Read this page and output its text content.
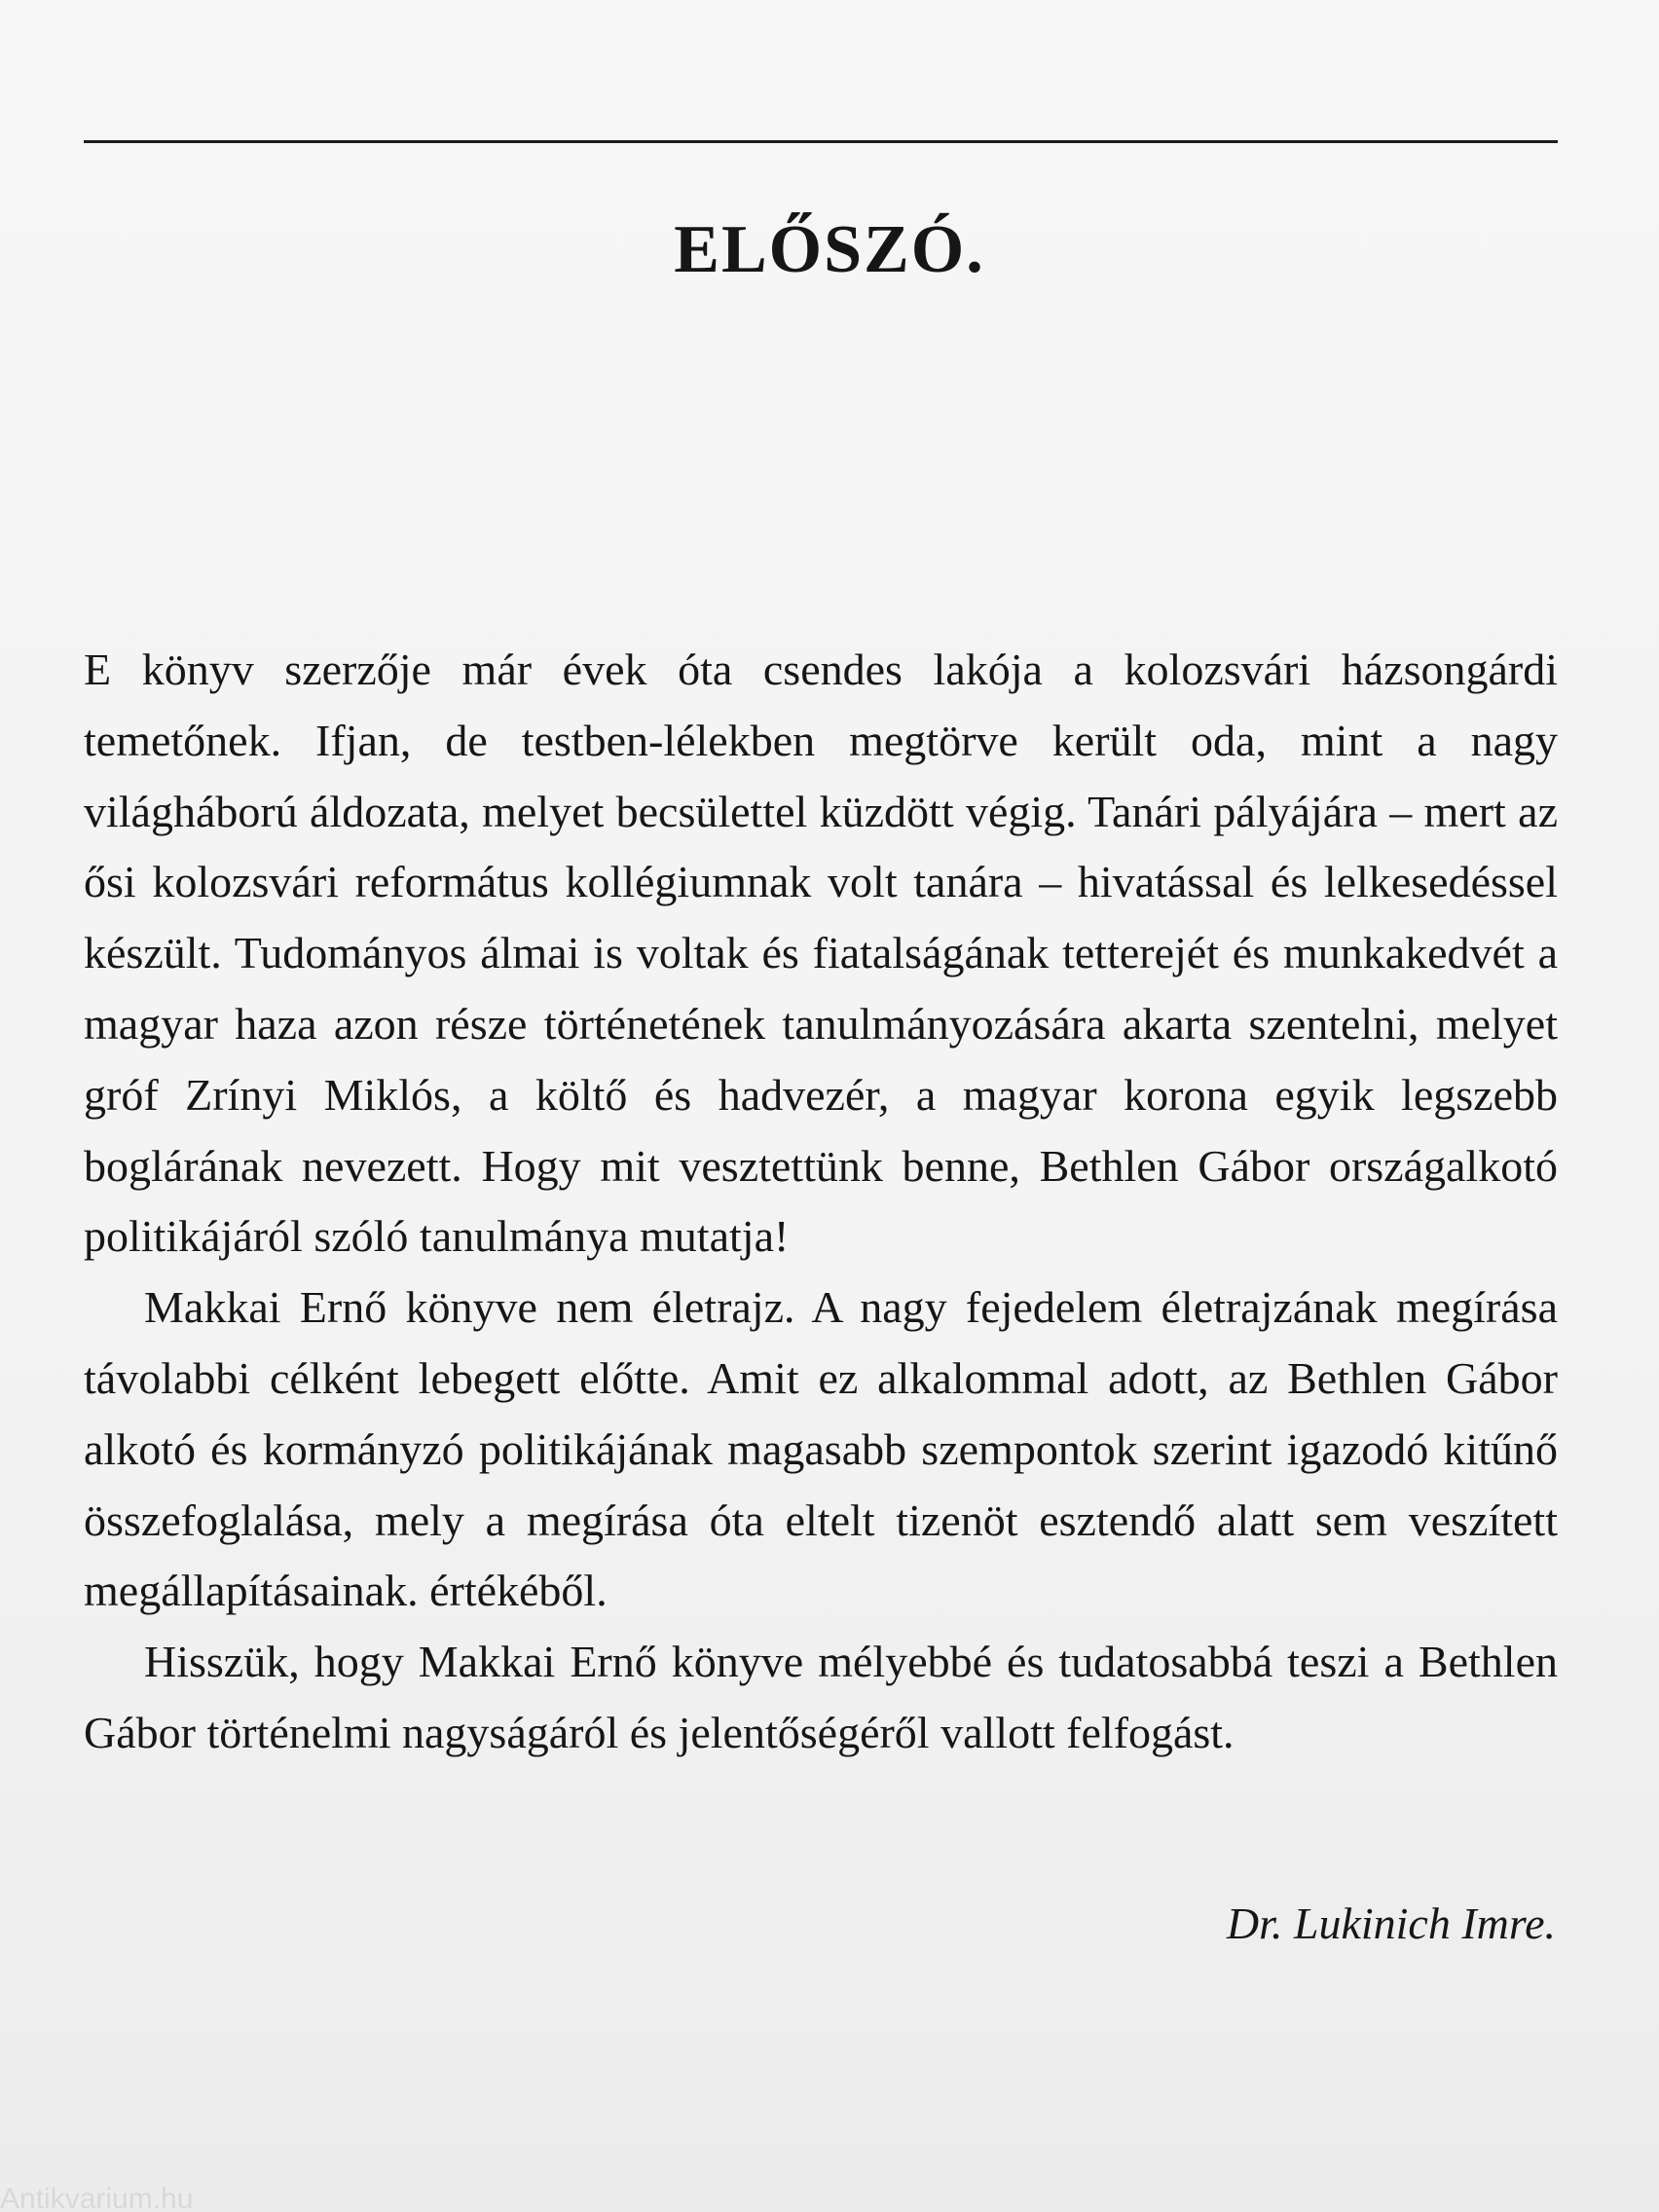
ELŐSZÓ.

E könyv szerzője már évek óta csendes lakója a kolozsvári házsongárdi temetőnek. Ifjan, de testben-lélekben megtörve került oda, mint a nagy világháború áldozata, melyet becsülettel küzdött végig. Tanári pályájára – mert az ősi kolozsvári református kollégiumnak volt tanára – hivatással és lelkesedéssel készült. Tudományos álmai is voltak és fiatalságának tetterejét és munkakedvét a magyar haza azon része történetének tanulmányozására akarta szentelni, melyet gróf Zrínyi Miklós, a költő és hadvezér, a magyar korona egyik legszebb boglárának nevezett. Hogy mit vesztettünk benne, Bethlen Gábor országalkotó politikájáról szóló tanulmánya mutatja!

Makkai Ernő könyve nem életrajz. A nagy fejedelem életrajzának megírása távolabbi célként lebegett előtte. Amit ez alkalommal adott, az Bethlen Gábor alkotó és kormányzó politikájának magasabb szempontok szerint igazodó kitűnő összefoglalása, mely a megírása óta eltelt tizenöt esztendő alatt sem veszített megállapításainak. értékéből.

Hisszük, hogy Makkai Ernő könyve mélyebbé és tudatosabbá teszi a Bethlen Gábor történelmi nagyságáról és jelentőségéről vallott felfogást.

Dr. Lukinich Imre.
Antikvarium.hu
